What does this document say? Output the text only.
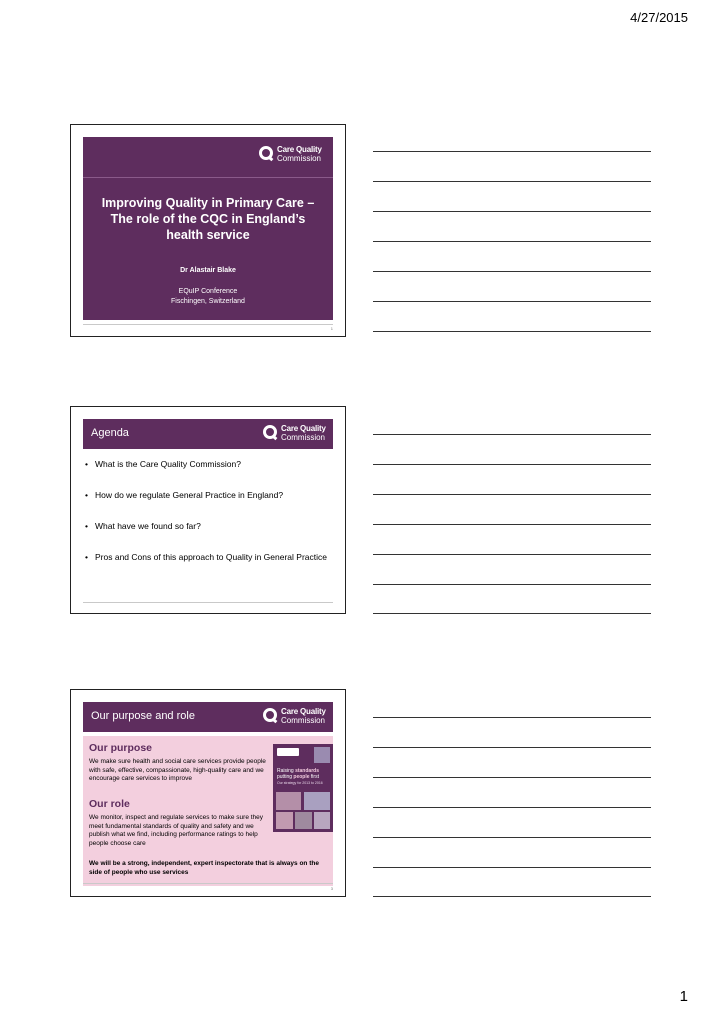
4/27/2015
Care Quality
Commission
Improving Quality in Primary Care – The role of the CQC in England’s health service
Dr Alastair Blake
EQuIP Conference
Fischingen, Switzerland
1
Agenda	Care Quality
Commission
• What is the Care Quality Commission?
• How do we regulate General Practice in England?
• What have we found so far?
• Pros and Cons of this approach to Quality in General Practice
Our purpose and role	Care Quality
Commission
Our purpose

We make sure health and social care services provide people with safe, effective, compassionate, high-quality care and we encourage care services to improve

Our role

We monitor, inspect and regulate services to make sure they meet fundamental standards of quality and safety and we publish what we find, including performance ratings to help people choose care

We will be a strong, independent, expert inspectorate that is always on the side of people who use services

Raising standards
putting people first
Our strategy for 2013 to 2016
3
1
